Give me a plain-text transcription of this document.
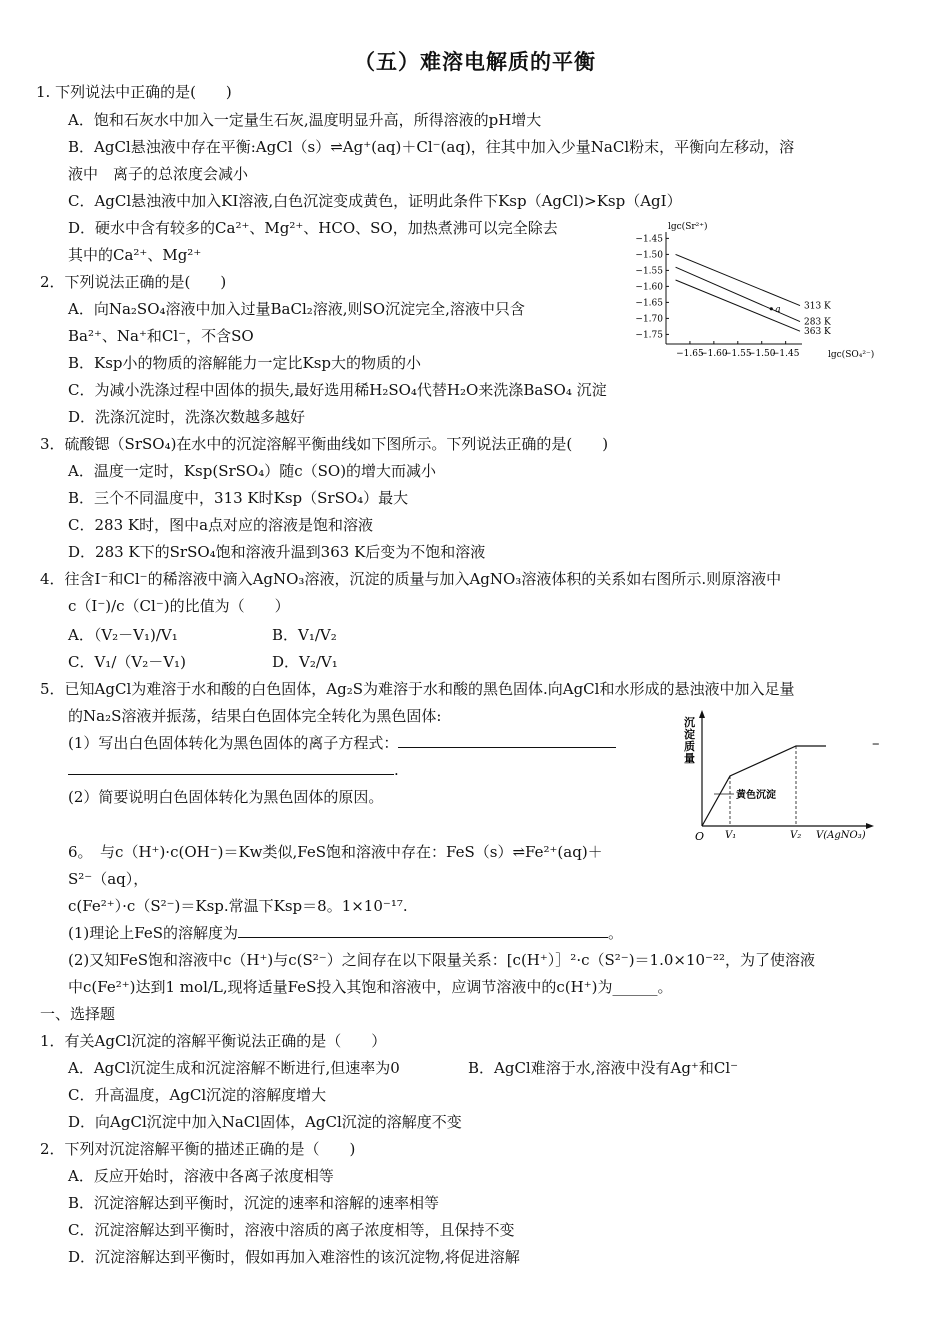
（五）难溶电解质的平衡
1. 下列说法中正确的是(　　)
A．饱和石灰水中加入一定量生石灰,温度明显升高，所得溶液的pH增大
B．AgCl悬浊液中存在平衡:AgCl（s）⇌Ag⁺(aq)＋Cl⁻(aq)，往其中加入少量NaCl粉末，平衡向左移动，溶
液中　离子的总浓度会减小
C．AgCl悬浊液中加入KI溶液,白色沉淀变成黄色，证明此条件下Ksp（AgCl)>Ksp（AgI）
D．硬水中含有较多的Ca²⁺、Mg²⁺、HCO、SO，加热煮沸可以完全除去
其中的Ca²⁺、Mg²⁺
2．下列说法正确的是(　　)
A．向Na₂SO₄溶液中加入过量BaCl₂溶液,则SO沉淀完全,溶液中只含
Ba²⁺、Na⁺和Cl⁻，不含SO
B．Ksp小的物质的溶解能力一定比Ksp大的物质的小
C．为减小洗涤过程中固体的损失,最好选用稀H₂SO₄代替H₂O来洗涤BaSO₄ 沉淀
D．洗涤沉淀时，洗涤次数越多越好
3．硫酸锶（SrSO₄)在水中的沉淀溶解平衡曲线如下图所示。下列说法正确的是(　　)
A．温度一定时，Ksp(SrSO₄）随c（SO)的增大而减小
B．三个不同温度中，313 K时Ksp（SrSO₄）最大
C．283 K时，图中a点对应的溶液是饱和溶液
D．283 K下的SrSO₄饱和溶液升温到363 K后变为不饱和溶液
4．往含I⁻和Cl⁻的稀溶液中滴入AgNO₃溶液，沉淀的质量与加入AgNO₃溶液体积的关系如右图所示.则原溶液中
c（I⁻)/c（Cl⁻)的比值为（　　）
A．（V₂－V₁)/V₁	B．V₁/V₂
C．V₁/（V₂－V₁)	D．V₂/V₁
5．已知AgCl为难溶于水和酸的白色固体，Ag₂S为难溶于水和酸的黑色固体.向AgCl和水形成的悬浊液中加入足量
的Na₂S溶液并振荡，结果白色固体完全转化为黑色固体:
(1）写出白色固体转化为黑色固体的离子方程式：	–
.
(2）简要说明白色固体转化为黑色固体的原因。
6。　与c（H⁺)·c(OH⁻)＝Kw类似,FeS饱和溶液中存在：FeS（s）⇌Fe²⁺(aq)＋
S²⁻（aq），
c(Fe²⁺）·c（S²⁻)＝Ksp.常温下Ksp＝8。1×10⁻¹⁷.
(1)理论上FeS的溶解度为	。
(2)又知FeS饱和溶液中c（H⁺)与c(S²⁻）之间存在以下限量关系：[c(H⁺）］²·c（S²⁻)＝1.0×10⁻²²，为了使溶液
中c(Fe²⁺)达到1 mol/L,现将适量FeS投入其饱和溶液中，应调节溶液中的c(H⁺)为______。
一、选择题
1．有关AgCl沉淀的溶解平衡说法正确的是（　　）
A．AgCl沉淀生成和沉淀溶解不断进行,但速率为0	B．AgCl难溶于水,溶液中没有Ag⁺和Cl⁻
C．升高温度，AgCl沉淀的溶解度增大
D．向AgCl沉淀中加入NaCl固体，AgCl沉淀的溶解度不变
2．下列对沉淀溶解平衡的描述正确的是（　　)
A．反应开始时，溶液中各离子浓度相等
B．沉淀溶解达到平衡时，沉淀的速率和溶解的速率相等
C．沉淀溶解达到平衡时，溶液中溶质的离子浓度相等，且保持不变
D．沉淀溶解达到平衡时，假如再加入难溶性的该沉淀物,将促进溶解
−1.65
−1.60
−1.55
−1.50
−1.45
−1.45
−1.50
−1.55
−1.60
−1.65
−1.70
−1.75
313 K
283 K
363 K
a
lgc(Sr²⁺)
lgc(SO₄²⁻)
O	V(AgNO₃)
黄色沉淀
V₁	V₂
沉
淀
质
量
